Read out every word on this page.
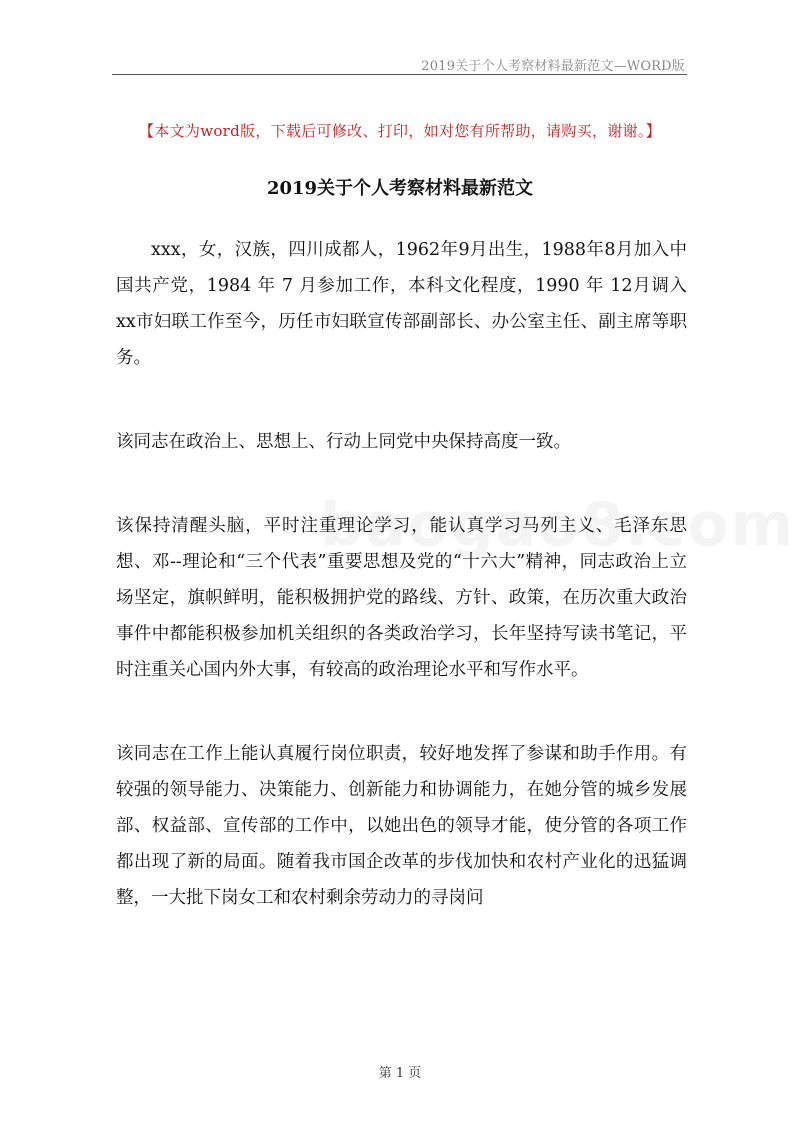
2019关于个人考察材料最新范文—WORD版
【本文为word版，下载后可修改、打印，如对您有所帮助，请购买，谢谢。】
2019关于个人考察材料最新范文

xxx，女，汉族，四川成都人，1962年9月出生，1988年8月加入中国共产党，1984 年 7 月参加工作，本科文化程度，1990 年 12月调入xx市妇联工作至今，历任市妇联宣传部副部长、办公室主任、副主席等职务。

该同志在政治上、思想上、行动上同党中央保持高度一致。

该保持清醒头脑，平时注重理论学习，能认真学习马列主义、毛泽东思想、邓--理论和“三个代表”重要思想及党的“十六大”精神，同志政治上立场坚定，旗帜鲜明，能积极拥护党的路线、方针、政策，在历次重大政治事件中都能积极参加机关组织的各类政治学习，长年坚持写读书笔记，平时注重关心国内外大事，有较高的政治理论水平和写作水平。

该同志在工作上能认真履行岗位职责，较好地发挥了参谋和助手作用。有较强的领导能力、决策能力、创新能力和协调能力，在她分管的城乡发展部、权益部、宣传部的工作中，以她出色的领导才能，使分管的各项工作都出现了新的局面。随着我市国企改革的步伐加快和农村产业化的迅猛调整，一大批下岗女工和农村剩余劳动力的寻岗问

第 1 页
